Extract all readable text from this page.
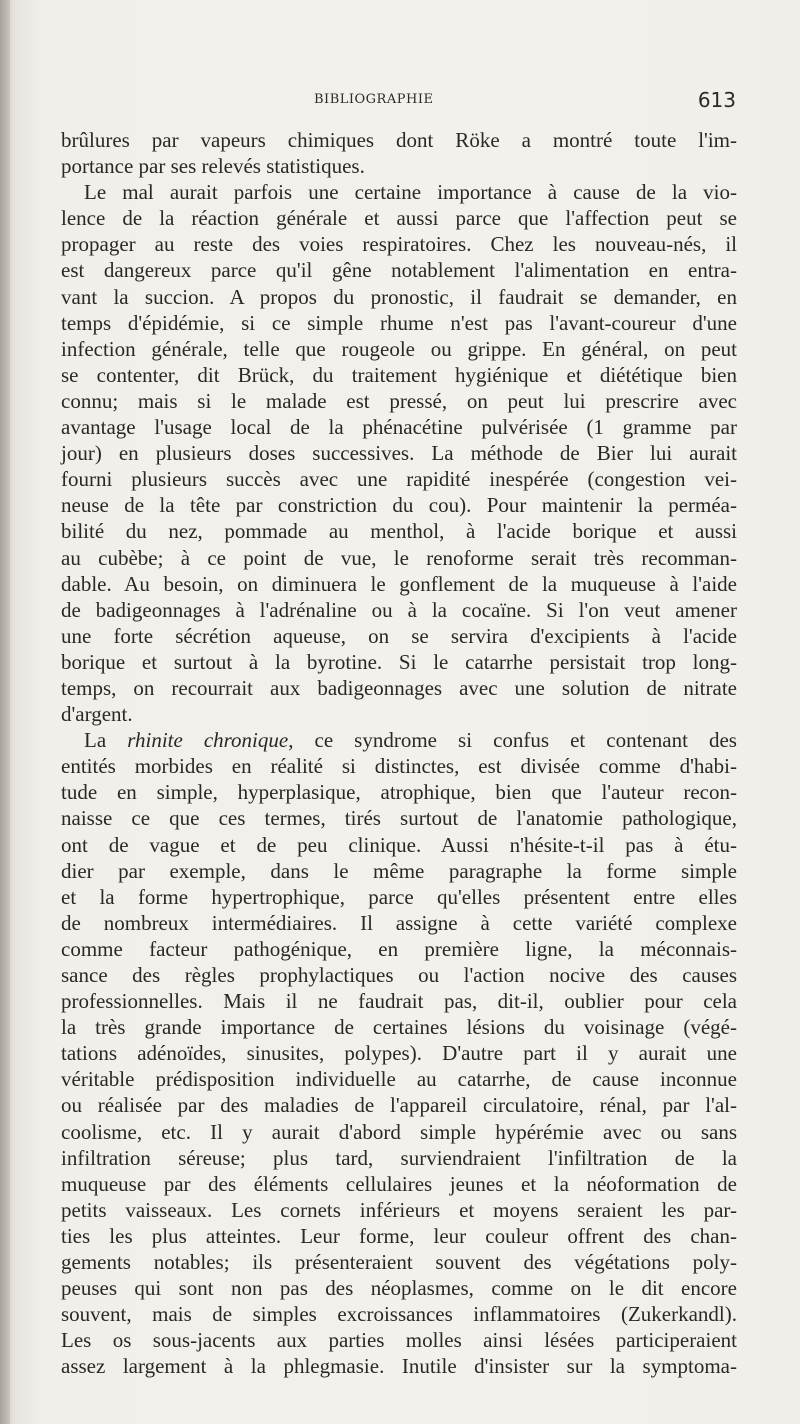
BIBLIOGRAPHIE	613
brûlures par vapeurs chimiques dont Röke a montré toute l'im-
portance par ses relevés statistiques.
Le mal aurait parfois une certaine importance à cause de la vio-
lence de la réaction générale et aussi parce que l'affection peut se
propager au reste des voies respiratoires. Chez les nouveau-nés, il
est dangereux parce qu'il gêne notablement l'alimentation en entra-
vant la succion. A propos du pronostic, il faudrait se demander, en
temps d'épidémie, si ce simple rhume n'est pas l'avant-coureur d'une
infection générale, telle que rougeole ou grippe. En général, on peut
se contenter, dit Brück, du traitement hygiénique et diététique bien
connu; mais si le malade est pressé, on peut lui prescrire avec
avantage l'usage local de la phénacétine pulvérisée (1 gramme par
jour) en plusieurs doses successives. La méthode de Bier lui aurait
fourni plusieurs succès avec une rapidité inespérée (congestion vei-
neuse de la tête par constriction du cou). Pour maintenir la perméa-
bilité du nez, pommade au menthol, à l'acide borique et aussi
au cubèbe; à ce point de vue, le renoforme serait très recomman-
dable. Au besoin, on diminuera le gonflement de la muqueuse à l'aide
de badigeonnages à l'adrénaline ou à la cocaïne. Si l'on veut amener
une forte sécrétion aqueuse, on se servira d'excipients à l'acide
borique et surtout à la byrotine. Si le catarrhe persistait trop long-
temps, on recourrait aux badigeonnages avec une solution de nitrate
d'argent.
La rhinite chronique, ce syndrome si confus et contenant des
entités morbides en réalité si distinctes, est divisée comme d'habi-
tude en simple, hyperplasique, atrophique, bien que l'auteur recon-
naisse ce que ces termes, tirés surtout de l'anatomie pathologique,
ont de vague et de peu clinique. Aussi n'hésite-t-il pas à étu-
dier par exemple, dans le même paragraphe la forme simple
et la forme hypertrophique, parce qu'elles présentent entre elles
de nombreux intermédiaires. Il assigne à cette variété complexe
comme facteur pathogénique, en première ligne, la méconnais-
sance des règles prophylactiques ou l'action nocive des causes
professionnelles. Mais il ne faudrait pas, dit-il, oublier pour cela
la très grande importance de certaines lésions du voisinage (végé-
tations adénoïdes, sinusites, polypes). D'autre part il y aurait une
véritable prédisposition individuelle au catarrhe, de cause inconnue
ou réalisée par des maladies de l'appareil circulatoire, rénal, par l'al-
coolisme, etc. Il y aurait d'abord simple hypérémie avec ou sans
infiltration séreuse; plus tard, surviendraient l'infiltration de la
muqueuse par des éléments cellulaires jeunes et la néoformation de
petits vaisseaux. Les cornets inférieurs et moyens seraient les par-
ties les plus atteintes. Leur forme, leur couleur offrent des chan-
gements notables; ils présenteraient souvent des végétations poly-
peuses qui sont non pas des néoplasmes, comme on le dit encore
souvent, mais de simples excroissances inflammatoires (Zukerkandl).
Les os sous-jacents aux parties molles ainsi lésées participeraient
assez largement à la phlegmasie. Inutile d'insister sur la symptoma-
